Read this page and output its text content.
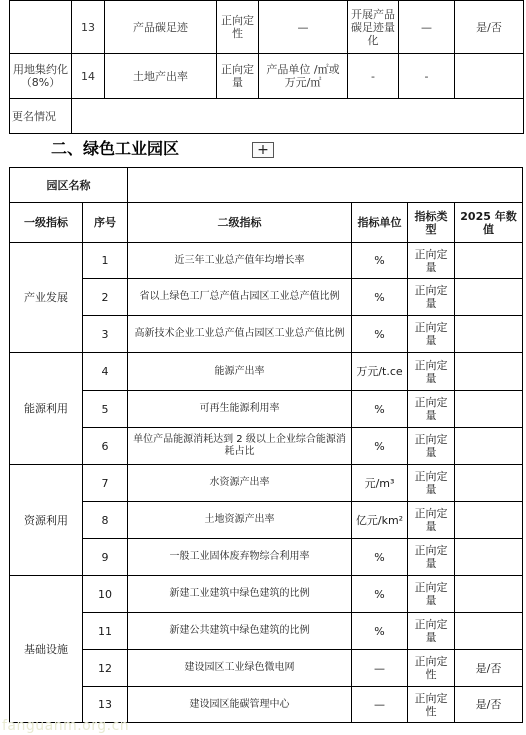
	13	产品碳足迹	正向定性	—	开展产品碳足迹量化	—	是/否
用地集约化 （8%）	14	土地产出率	正向定量	产品单位 /㎡或万元/㎡	-	-	
更名情况							
二、绿色工业园区	+
园区名称					
一级指标	序号	二级指标	指标单位	指标类型	2025 年数值
产业发展	1	近三年工业总产值年均增长率	%	正向定量	
	2	省以上绿色工厂总产值占园区工业总产值比例	%	正向定量	
	3	高新技术企业工业总产值占园区工业总产值比例	%	正向定量	
能源利用	4	能源产出率	万元/t.ce	正向定量	
	5	可再生能源利用率	%	正向定量	
	6	单位产品能源消耗达到 2 级以上企业综合能源消耗占比	%	正向定量	
资源利用	7	水资源产出率	元/m³	正向定量	
	8	土地资源产出率	亿元/km²	正向定量	
	9	一般工业固体废弃物综合利用率	%	正向定量	
基础设施	10	新建工业建筑中绿色建筑的比例	%	正向定量	
	11	新建公共建筑中绿色建筑的比例	%	正向定量	
	12	建设园区工业绿色微电网	—	正向定性	是/否
	13	建设园区能碳管理中心	—	正向定性	是/否
fanguanm.org.cn
